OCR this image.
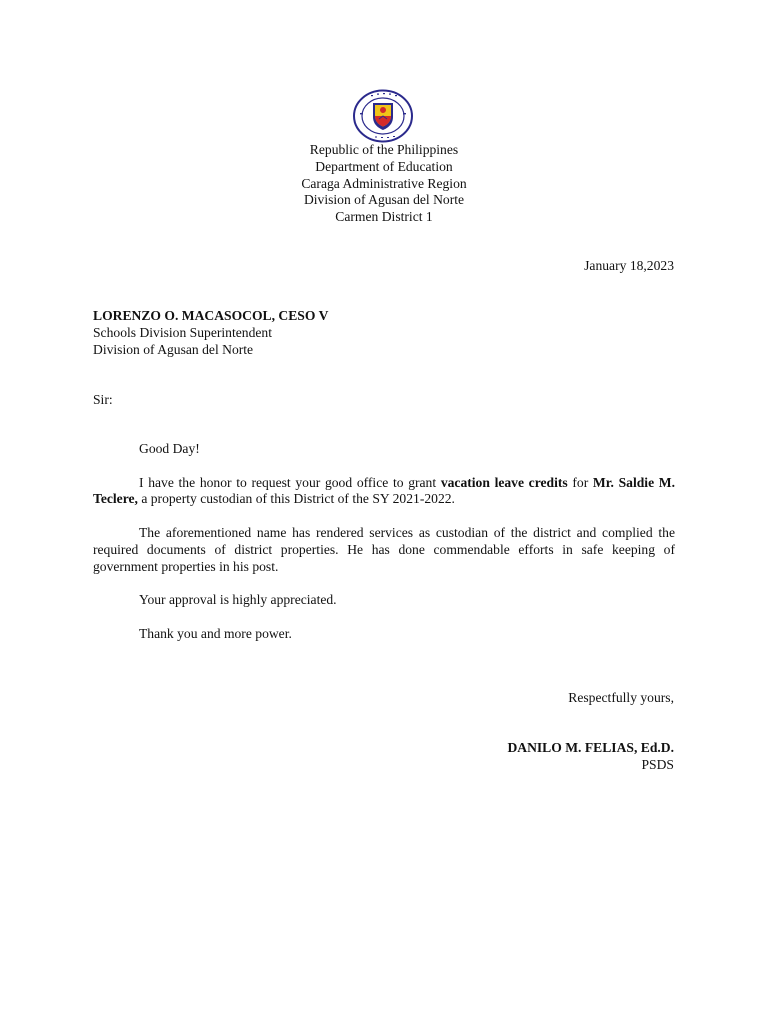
Republic of the Philippines
Department of Education
Caraga Administrative Region
Division of Agusan del Norte
Carmen District 1
January 18,2023
LORENZO O. MACASOCOL, CESO V
Schools Division Superintendent
Division of Agusan del Norte
Sir:

Good Day!

I have the honor to request your good office to grant vacation leave credits for Mr. Saldie M. Teclere, a property custodian of this District of the SY 2021-2022.

The aforementioned name has rendered services as custodian of the district and complied the required documents of district properties. He has done commendable efforts in safe keeping of government properties in his post.

Your approval is highly appreciated.

Thank you and more power.

Respectfully yours,
DANILO M. FELIAS, Ed.D.
PSDS
